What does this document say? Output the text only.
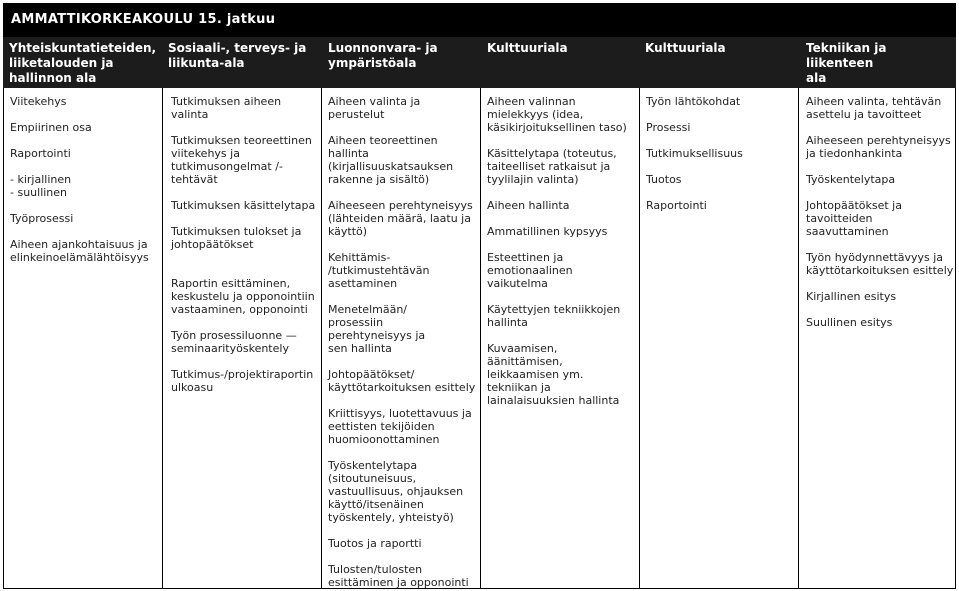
AMMATTIKORKEAKOULU 15. jatkuu
Yhteiskuntatieteiden,
liiketalouden ja
hallinnon ala
Sosiaali-, terveys- ja
liikunta-ala
Luonnonvara- ja
ympäristöala
Kulttuuriala	Kulttuuriala	Tekniikan ja liikenteen
ala

Viitekehys

Empiirinen osa

Raportointi

- kirjallinen
- suullinen

Työprosessi

Aiheen ajankohtaisuus ja
elinkeinoelämälähtöisyys

Tutkimuksen aiheen
valinta

Tutkimuksen teoreettinen
viitekehys ja
tutkimusongelmat /-
tehtävät

Tutkimuksen käsittelytapa

Tutkimuksen tulokset ja
johtopäätökset

Raportin esittäminen,
keskustelu ja opponointiin
vastaaminen, opponointi

Työn prosessiluonne —
seminaarityöskentely

Tutkimus-/projektiraportin
ulkoasu

Aiheen valinta ja
perustelut

Aiheen teoreettinen
hallinta
(kirjallisuuskatsauksen
rakenne ja sisältö)

Aiheeseen perehtyneisyys
(lähteiden määrä, laatu ja
käyttö)

Kehittämis-
/tutkimustehtävän
asettaminen

Menetelmään/
prosessiin
perehtyneisyys ja
sen hallinta

Johtopäätökset/
käyttötarkoituksen esittely

Kriittisyys, luotettavuus ja
eettisten tekijöiden
huomioonottaminen

Työskentelytapa
(sitoutuneisuus,
vastuullisuus, ohjauksen
käyttö/itsenäinen
työskentely, yhteistyö)

Tuotos ja raportti

Tulosten/tulosten
esittäminen ja opponointi

Aiheen valinnan
mielekkyys (idea,
käsikirjoituksellinen taso)

Käsittelytapa (toteutus,
taiteelliset ratkaisut ja
tyylilajin valinta)

Aiheen hallinta

Ammatillinen kypsyys

Esteettinen ja
emotionaalinen
vaikutelma

Käytettyjen tekniikkojen
hallinta

Kuvaamisen,
äänittämisen,
leikkaamisen ym.
tekniikan ja
lainalaisuuksien hallinta

Työn lähtökohdat

Prosessi

Tutkimuksellisuus

Tuotos

Raportointi

Aiheen valinta, tehtävän
asettelu ja tavoitteet

Aiheeseen perehtyneisyys
ja tiedonhankinta

Työskentelytapa

Johtopäätökset ja
tavoitteiden
saavuttaminen

Työn hyödynnettävyys ja
käyttötarkoituksen esittely

Kirjallinen esitys

Suullinen esitys
